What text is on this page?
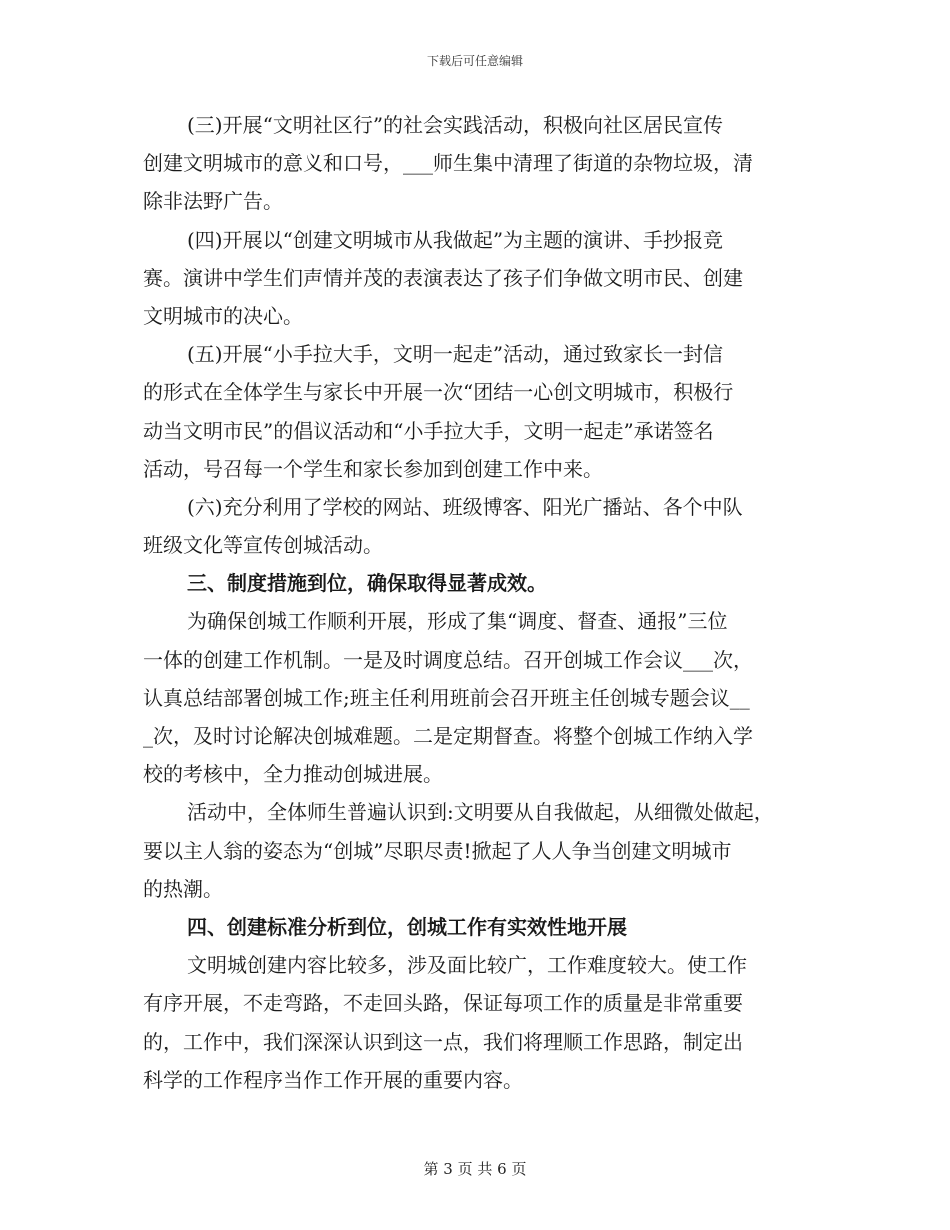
下载后可任意编辑
(三)开展“文明社区行”的社会实践活动，积极向社区居民宣传
创建文明城市的意义和口号，___师生集中清理了街道的杂物垃圾，清
除非法野广告。
(四)开展以“创建文明城市从我做起”为主题的演讲、手抄报竞
赛。演讲中学生们声情并茂的表演表达了孩子们争做文明市民、创建
文明城市的决心。
(五)开展“小手拉大手，文明一起走”活动，通过致家长一封信
的形式在全体学生与家长中开展一次“团结一心创文明城市，积极行
动当文明市民”的倡议活动和“小手拉大手，文明一起走”承诺签名
活动，号召每一个学生和家长参加到创建工作中来。
(六)充分利用了学校的网站、班级博客、阳光广播站、各个中队
班级文化等宣传创城活动。
三、制度措施到位，确保取得显著成效。
为确保创城工作顺利开展，形成了集“调度、督查、通报”三位
一体的创建工作机制。一是及时调度总结。召开创城工作会议___次，
认真总结部署创城工作;班主任利用班前会召开班主任创城专题会议__
_次，及时讨论解决创城难题。二是定期督查。将整个创城工作纳入学
校的考核中，全力推动创城进展。
活动中，全体师生普遍认识到:文明要从自我做起，从细微处做起，
要以主人翁的姿态为“创城”尽职尽责!掀起了人人争当创建文明城市
的热潮。
四、创建标准分析到位，创城工作有实效性地开展
文明城创建内容比较多，涉及面比较广，工作难度较大。使工作
有序开展，不走弯路，不走回头路，保证每项工作的质量是非常重要
的，工作中，我们深深认识到这一点，我们将理顺工作思路，制定出
科学的工作程序当作工作开展的重要内容。
第 3 页 共 6 页
